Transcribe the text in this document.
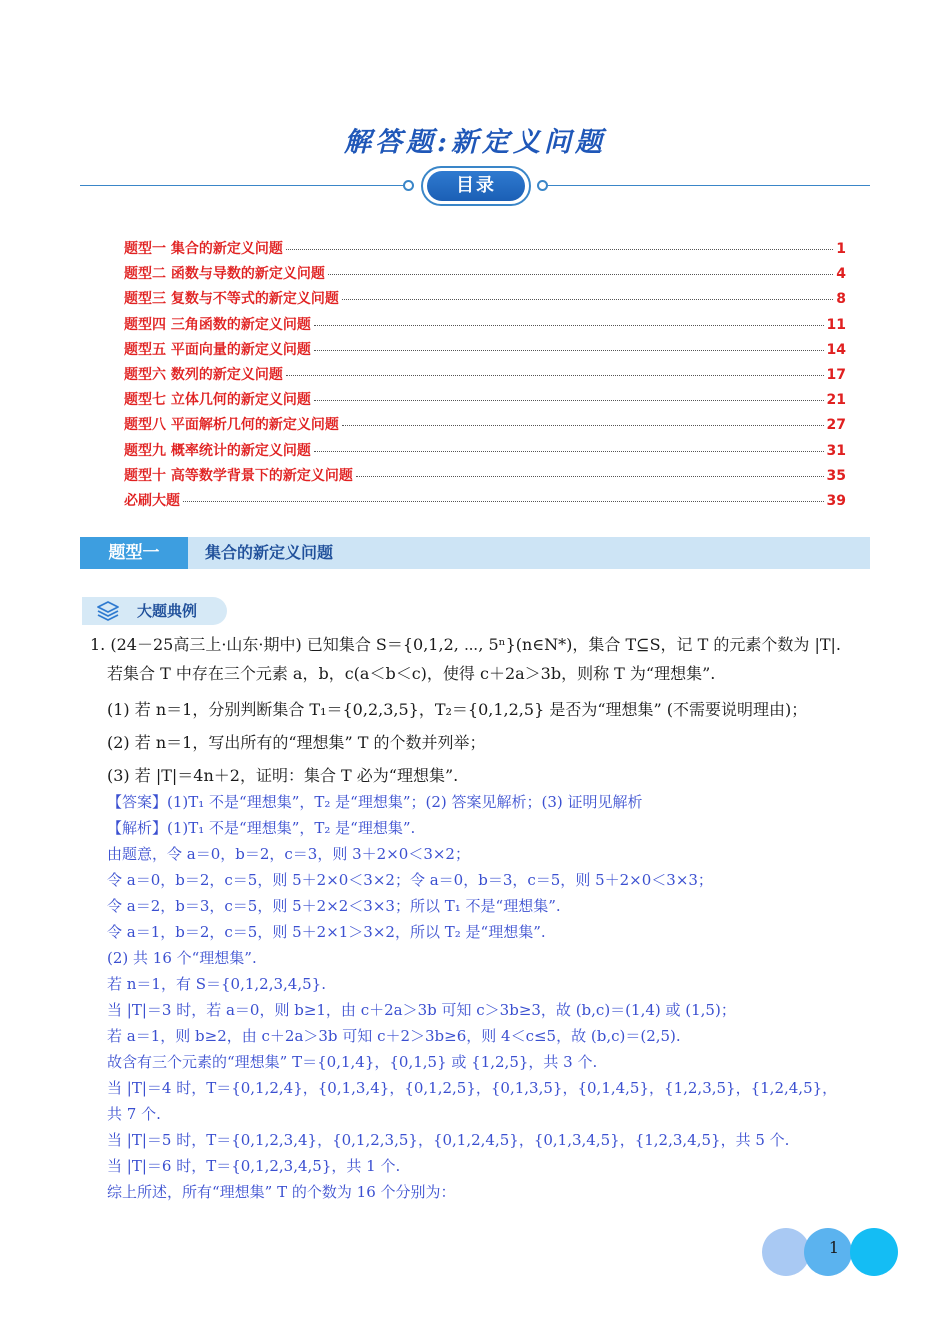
解答题:新定义问题
目录
题型一 集合的新定义问题	1
题型二 函数与导数的新定义问题	4
题型三 复数与不等式的新定义问题	8
题型四 三角函数的新定义问题	11
题型五 平面向量的新定义问题	14
题型六 数列的新定义问题	17
题型七 立体几何的新定义问题	21
题型八 平面解析几何的新定义问题	27
题型九 概率统计的新定义问题	31
题型十 高等数学背景下的新定义问题	35
必刷大题	39
题型一	集合的新定义问题
大题典例
1. (24－25高三上·山东·期中) 已知集合 S＝{0,1,2, ⋯, 5ⁿ}(n∈N*)，集合 T⊆S，记 T 的元素个数为 |T|.
若集合 T 中存在三个元素 a，b，c(a＜b＜c)，使得 c＋2a＞3b，则称 T 为“理想集”.
(1) 若 n＝1，分别判断集合 T₁＝{0,2,3,5}，T₂＝{0,1,2,5} 是否为“理想集” (不需要说明理由)；
(2) 若 n＝1，写出所有的“理想集” T 的个数并列举；
(3) 若 |T|＝4n＋2，证明：集合 T 必为“理想集”.
【答案】(1)T₁ 不是“理想集”，T₂ 是“理想集”；(2) 答案见解析；(3) 证明见解析
【解析】(1)T₁ 不是“理想集”，T₂ 是“理想集”.
由题意，令 a＝0，b＝2，c＝3，则 3＋2×0＜3×2；
令 a＝0，b＝2，c＝5，则 5＋2×0＜3×2；令 a＝0，b＝3，c＝5，则 5＋2×0＜3×3；
令 a＝2，b＝3，c＝5，则 5＋2×2＜3×3；所以 T₁ 不是“理想集”.
令 a＝1，b＝2，c＝5，则 5＋2×1＞3×2，所以 T₂ 是“理想集”.
(2) 共 16 个“理想集”.
若 n＝1，有 S＝{0,1,2,3,4,5}.
当 |T|＝3 时，若 a＝0，则 b≥1，由 c＋2a＞3b 可知 c＞3b≥3，故 (b,c)＝(1,4) 或 (1,5)；
若 a＝1，则 b≥2，由 c＋2a＞3b 可知 c＋2＞3b≥6，则 4＜c≤5，故 (b,c)＝(2,5).
故含有三个元素的“理想集” T＝{0,1,4}，{0,1,5} 或 {1,2,5}，共 3 个.
当 |T|＝4 时，T＝{0,1,2,4}，{0,1,3,4}，{0,1,2,5}，{0,1,3,5}，{0,1,4,5}，{1,2,3,5}，{1,2,4,5}，
共 7 个.
当 |T|＝5 时，T＝{0,1,2,3,4}，{0,1,2,3,5}，{0,1,2,4,5}，{0,1,3,4,5}，{1,2,3,4,5}，共 5 个.
当 |T|＝6 时，T＝{0,1,2,3,4,5}，共 1 个.
综上所述，所有“理想集” T 的个数为 16 个分别为：
1
